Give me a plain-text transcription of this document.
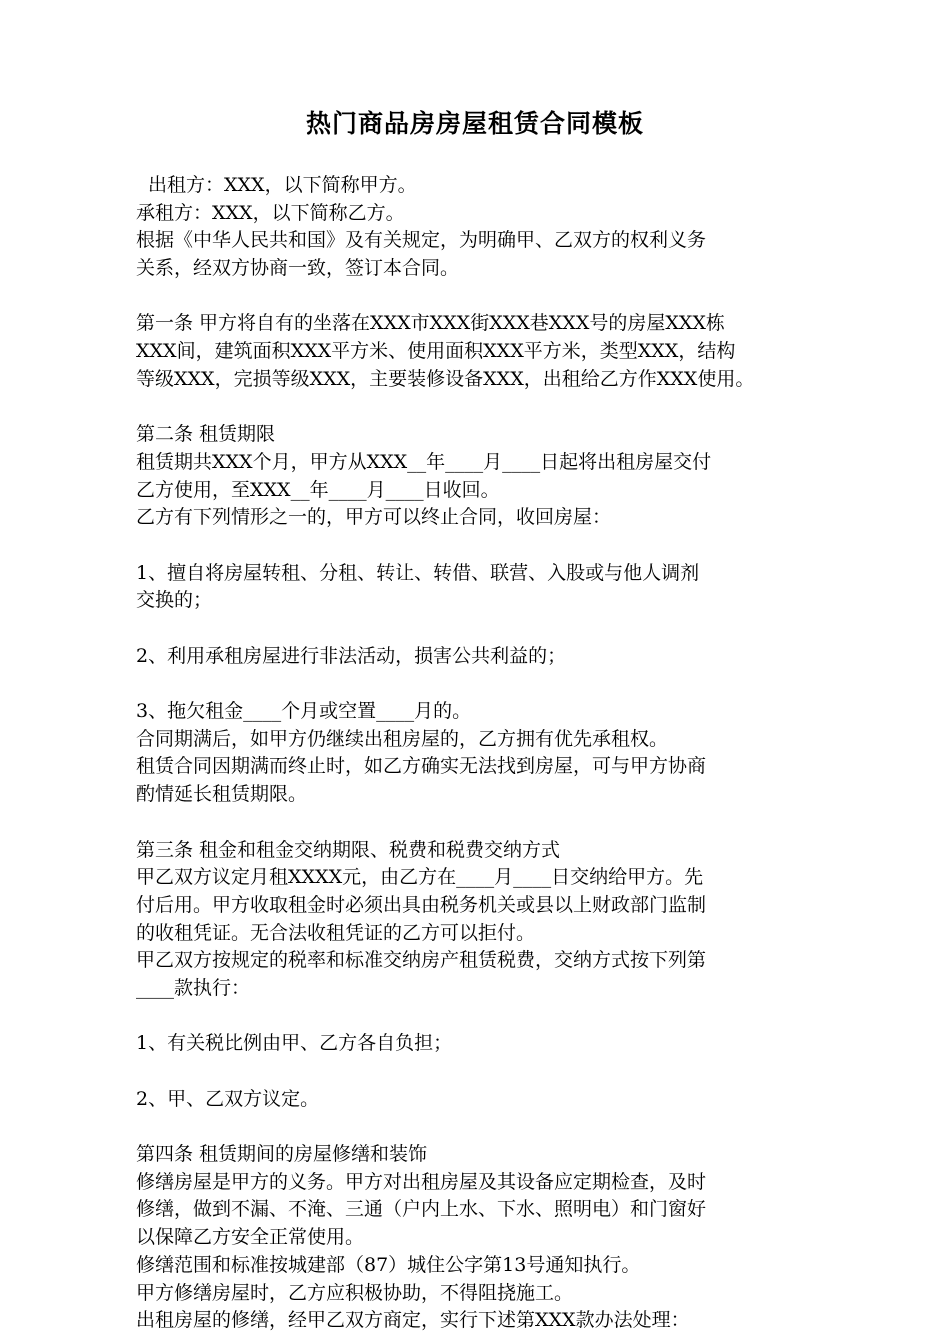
热门商品房房屋租赁合同模板
出租方：XXX，以下简称甲方。
承租方：XXX，以下简称乙方。
根据《中华人民共和国》及有关规定，为明确甲、乙双方的权利义务
关系，经双方协商一致，签订本合同。
第一条 甲方将自有的坐落在XXX市XXX街XXX巷XXX号的房屋XXX栋
XXX间，建筑面积XXX平方米、使用面积XXX平方米，类型XXX，结构
等级XXX，完损等级XXX，主要装修设备XXX，出租给乙方作XXX使用。
第二条 租赁期限
租赁期共XXX个月，甲方从XXX__年____月____日起将出租房屋交付
乙方使用，至XXX__年____月____日收回。
乙方有下列情形之一的，甲方可以终止合同，收回房屋：
1、擅自将房屋转租、分租、转让、转借、联营、入股或与他人调剂
交换的；
2、利用承租房屋进行非法活动，损害公共利益的；
3、拖欠租金____个月或空置____月的。
合同期满后，如甲方仍继续出租房屋的，乙方拥有优先承租权。
租赁合同因期满而终止时，如乙方确实无法找到房屋，可与甲方协商
酌情延长租赁期限。
第三条 租金和租金交纳期限、税费和税费交纳方式
甲乙双方议定月租XXXX元，由乙方在____月____日交纳给甲方。先
付后用。甲方收取租金时必须出具由税务机关或县以上财政部门监制
的收租凭证。无合法收租凭证的乙方可以拒付。
甲乙双方按规定的税率和标准交纳房产租赁税费，交纳方式按下列第
____款执行：
1、有关税比例由甲、乙方各自负担；
2、甲、乙双方议定。
第四条 租赁期间的房屋修缮和装饰
修缮房屋是甲方的义务。甲方对出租房屋及其设备应定期检查，及时
修缮，做到不漏、不淹、三通（户内上水、下水、照明电）和门窗好
以保障乙方安全正常使用。
修缮范围和标准按城建部（87）城住公字第13号通知执行。
甲方修缮房屋时，乙方应积极协助，不得阻挠施工。
出租房屋的修缮，经甲乙双方商定，实行下述第XXX款办法处理：
